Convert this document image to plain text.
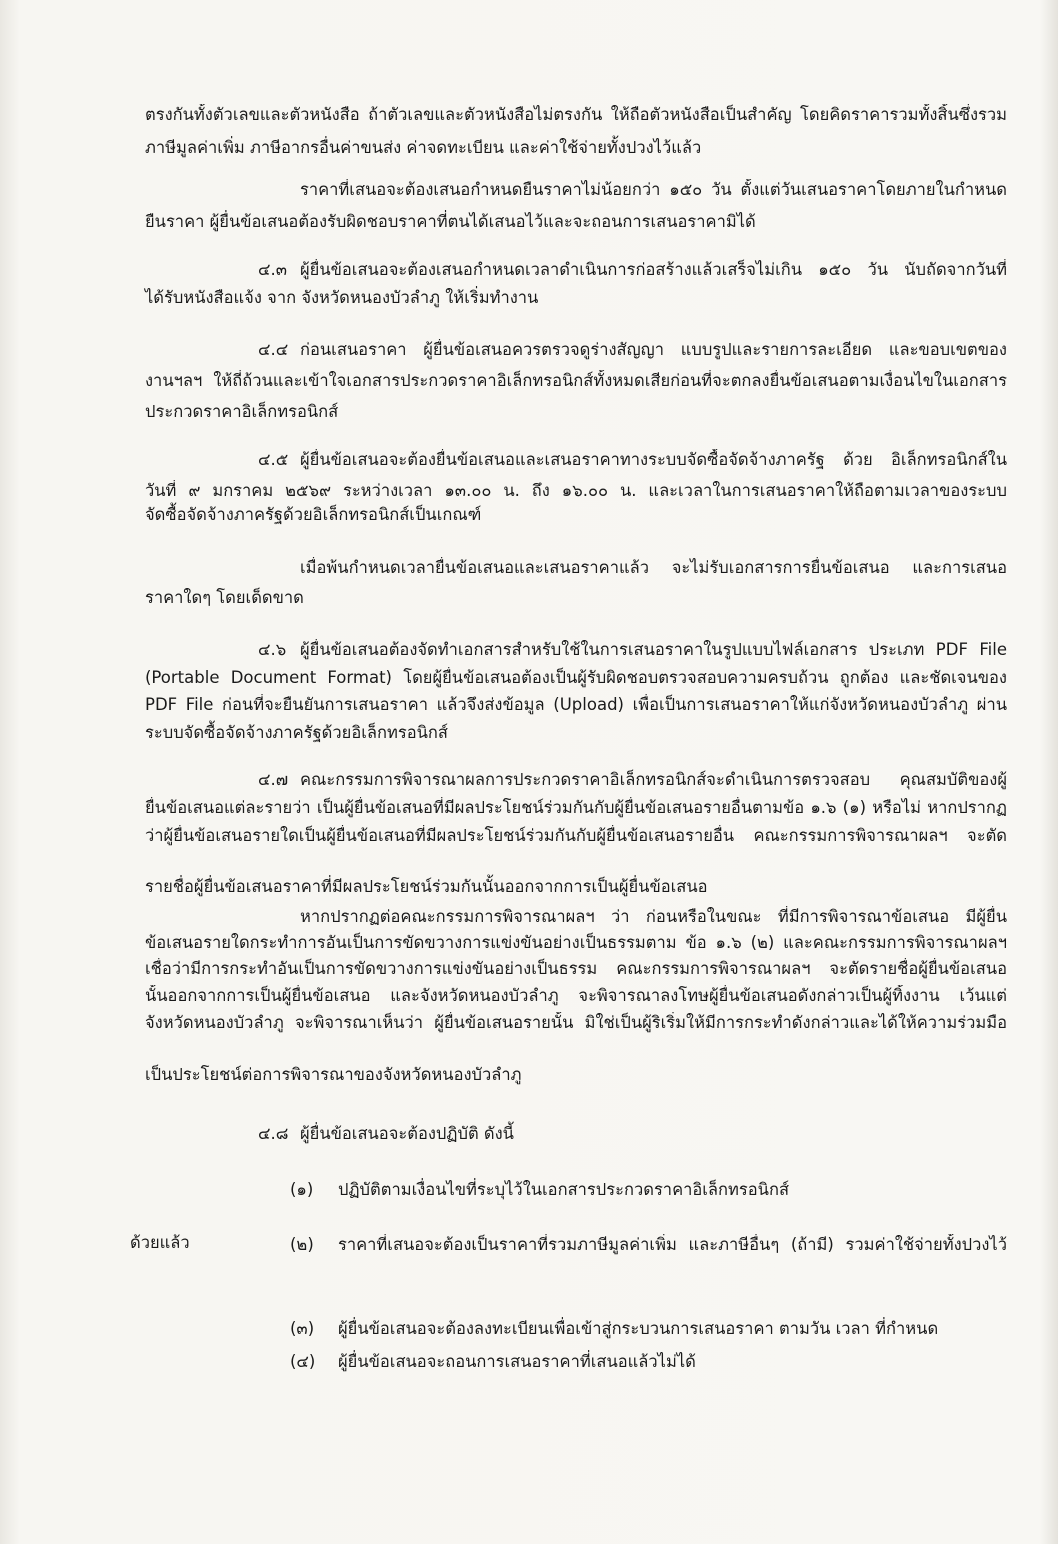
ตรงกันทั้งตัวเลขและตัวหนังสือ ถ้าตัวเลขและตัวหนังสือไม่ตรงกัน ให้ถือตัวหนังสือเป็นสำคัญ โดยคิดราคารวมทั้งสิ้นซึ่งรวม
ภาษีมูลค่าเพิ่ม ภาษีอากรอื่นค่าขนส่ง ค่าจดทะเบียน และค่าใช้จ่ายทั้งปวงไว้แล้ว
ราคาที่เสนอจะต้องเสนอกำหนดยืนราคาไม่น้อยกว่า ๑๕๐ วัน ตั้งแต่วันเสนอราคาโดยภายในกำหนด
ยืนราคา ผู้ยื่นข้อเสนอต้องรับผิดชอบราคาที่ตนได้เสนอไว้และจะถอนการเสนอราคามิได้
๔.๓ ผู้ยื่นข้อเสนอจะต้องเสนอกำหนดเวลาดำเนินการก่อสร้างแล้วเสร็จไม่เกิน ๑๕๐ วัน นับถัดจากวันที่
ได้รับหนังสือแจ้ง จาก จังหวัดหนองบัวลำภู ให้เริ่มทำงาน
๔.๔ ก่อนเสนอราคา ผู้ยื่นข้อเสนอควรตรวจดูร่างสัญญา แบบรูปและรายการละเอียด และขอบเขตของ
งานฯลฯ ให้ถี่ถ้วนและเข้าใจเอกสารประกวดราคาอิเล็กทรอนิกส์ทั้งหมดเสียก่อนที่จะตกลงยื่นข้อเสนอตามเงื่อนไขในเอกสาร
ประกวดราคาอิเล็กทรอนิกส์
๔.๕ ผู้ยื่นข้อเสนอจะต้องยื่นข้อเสนอและเสนอราคาทางระบบจัดซื้อจัดจ้างภาครัฐ ด้วย อิเล็กทรอนิกส์ใน
วันที่ ๙ มกราคม ๒๕๖๙ ระหว่างเวลา ๑๓.๐๐ น. ถึง ๑๖.๐๐ น. และเวลาในการเสนอราคาให้ถือตามเวลาของระบบ
จัดซื้อจัดจ้างภาครัฐด้วยอิเล็กทรอนิกส์เป็นเกณฑ์
เมื่อพ้นกำหนดเวลายื่นข้อเสนอและเสนอราคาแล้ว จะไม่รับเอกสารการยื่นข้อเสนอ และการเสนอ
ราคาใดๆ โดยเด็ดขาด
๔.๖ ผู้ยื่นข้อเสนอต้องจัดทำเอกสารสำหรับใช้ในการเสนอราคาในรูปแบบไฟล์เอกสาร ประเภท PDF File
(Portable Document Format) โดยผู้ยื่นข้อเสนอต้องเป็นผู้รับผิดชอบตรวจสอบความครบถ้วน ถูกต้อง และชัดเจนของ
PDF File ก่อนที่จะยืนยันการเสนอราคา แล้วจึงส่งข้อมูล (Upload) เพื่อเป็นการเสนอราคาให้แก่จังหวัดหนองบัวลำภู ผ่าน
ระบบจัดซื้อจัดจ้างภาครัฐด้วยอิเล็กทรอนิกส์
๔.๗ คณะกรรมการพิจารณาผลการประกวดราคาอิเล็กทรอนิกส์จะดำเนินการตรวจสอบ คุณสมบัติของผู้
ยื่นข้อเสนอแต่ละรายว่า เป็นผู้ยื่นข้อเสนอที่มีผลประโยชน์ร่วมกันกับผู้ยื่นข้อเสนอรายอื่นตามข้อ ๑.๖ (๑) หรือไม่ หากปรากฏ
ว่าผู้ยื่นข้อเสนอรายใดเป็นผู้ยื่นข้อเสนอที่มีผลประโยชน์ร่วมกันกับผู้ยื่นข้อเสนอรายอื่น คณะกรรมการพิจารณาผลฯ จะตัด
รายชื่อผู้ยื่นข้อเสนอราคาที่มีผลประโยชน์ร่วมกันนั้นออกจากการเป็นผู้ยื่นข้อเสนอ
หากปรากฏต่อคณะกรรมการพิจารณาผลฯ ว่า ก่อนหรือในขณะ ที่มีการพิจารณาข้อเสนอ มีผู้ยื่น
ข้อเสนอรายใดกระทำการอันเป็นการขัดขวางการแข่งขันอย่างเป็นธรรมตาม ข้อ ๑.๖ (๒) และคณะกรรมการพิจารณาผลฯ
เชื่อว่ามีการกระทำอันเป็นการขัดขวางการแข่งขันอย่างเป็นธรรม คณะกรรมการพิจารณาผลฯ จะตัดรายชื่อผู้ยื่นข้อเสนอ
นั้นออกจากการเป็นผู้ยื่นข้อเสนอ และจังหวัดหนองบัวลำภู จะพิจารณาลงโทษผู้ยื่นข้อเสนอดังกล่าวเป็นผู้ทิ้งงาน เว้นแต่
จังหวัดหนองบัวลำภู จะพิจารณาเห็นว่า ผู้ยื่นข้อเสนอรายนั้น มิใช่เป็นผู้ริเริ่มให้มีการกระทำดังกล่าวและได้ให้ความร่วมมือ
เป็นประโยชน์ต่อการพิจารณาของจังหวัดหนองบัวลำภู
๔.๘ ผู้ยื่นข้อเสนอจะต้องปฏิบัติ ดังนี้
(๑) ปฏิบัติตามเงื่อนไขที่ระบุไว้ในเอกสารประกวดราคาอิเล็กทรอนิกส์
(๒) ราคาที่เสนอจะต้องเป็นราคาที่รวมภาษีมูลค่าเพิ่ม และภาษีอื่นๆ (ถ้ามี) รวมค่าใช้จ่ายทั้งปวงไว้
ด้วยแล้ว
(๓) ผู้ยื่นข้อเสนอจะต้องลงทะเบียนเพื่อเข้าสู่กระบวนการเสนอราคา ตามวัน เวลา ที่กำหนด
(๔) ผู้ยื่นข้อเสนอจะถอนการเสนอราคาที่เสนอแล้วไม่ได้
